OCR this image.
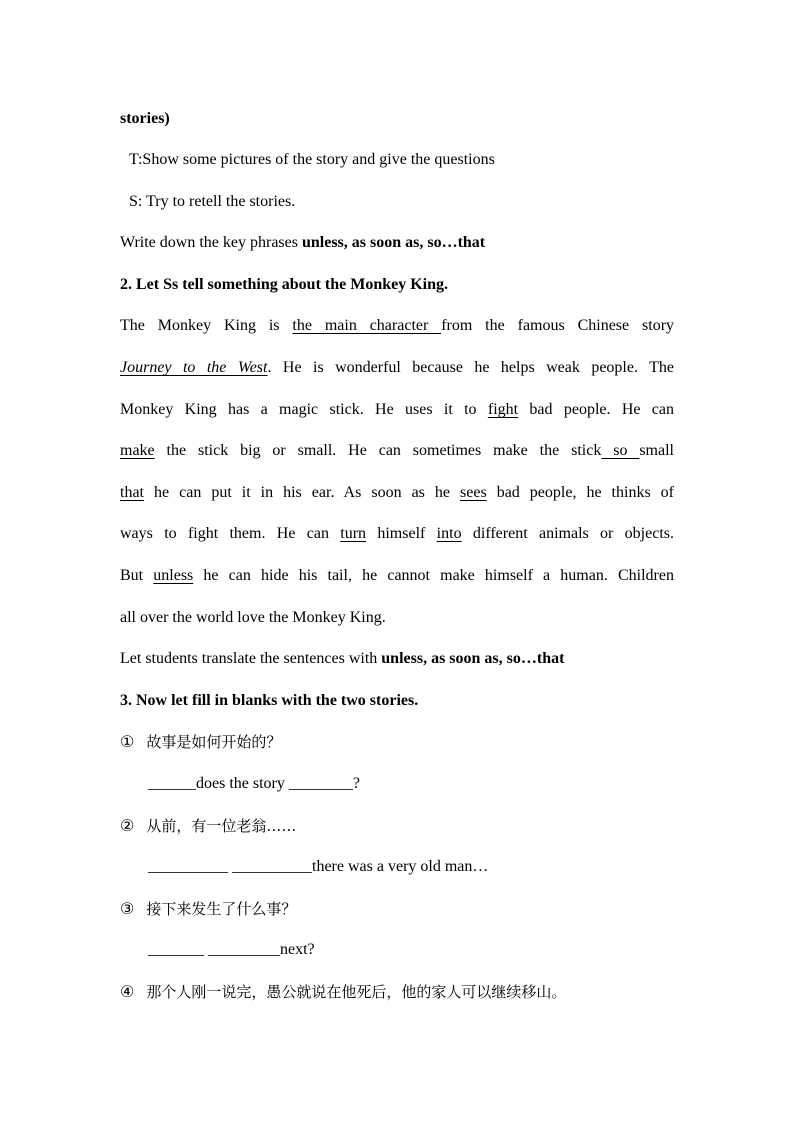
stories)
T:Show some pictures of the story and give the questions
S: Try to retell the stories.
Write down the key phrases unless, as soon as, so…that
2. Let Ss tell something about the Monkey King.
The Monkey King is the main character from the famous Chinese story
Journey to the West. He is wonderful because he helps weak people. The
Monkey King has a magic stick. He uses it to fight bad people. He can
make the stick big or small. He can sometimes make the stick so small
that he can put it in his ear. As soon as he sees bad people, he thinks of
ways to fight them. He can turn himself into different animals or objects.
But unless he can hide his tail, he cannot make himself a human. Children
all over the world love the Monkey King.
Let students translate the sentences with unless, as soon as, so…that
3. Now let fill in blanks with the two stories.
① 故事是如何开始的？
______does the story ________?
② 从前，有一位老翁……
__________ __________there was a very old man…
③ 接下来发生了什么事？
_______ _________next?
④ 那个人刚一说完，愚公就说在他死后，他的家人可以继续移山。
